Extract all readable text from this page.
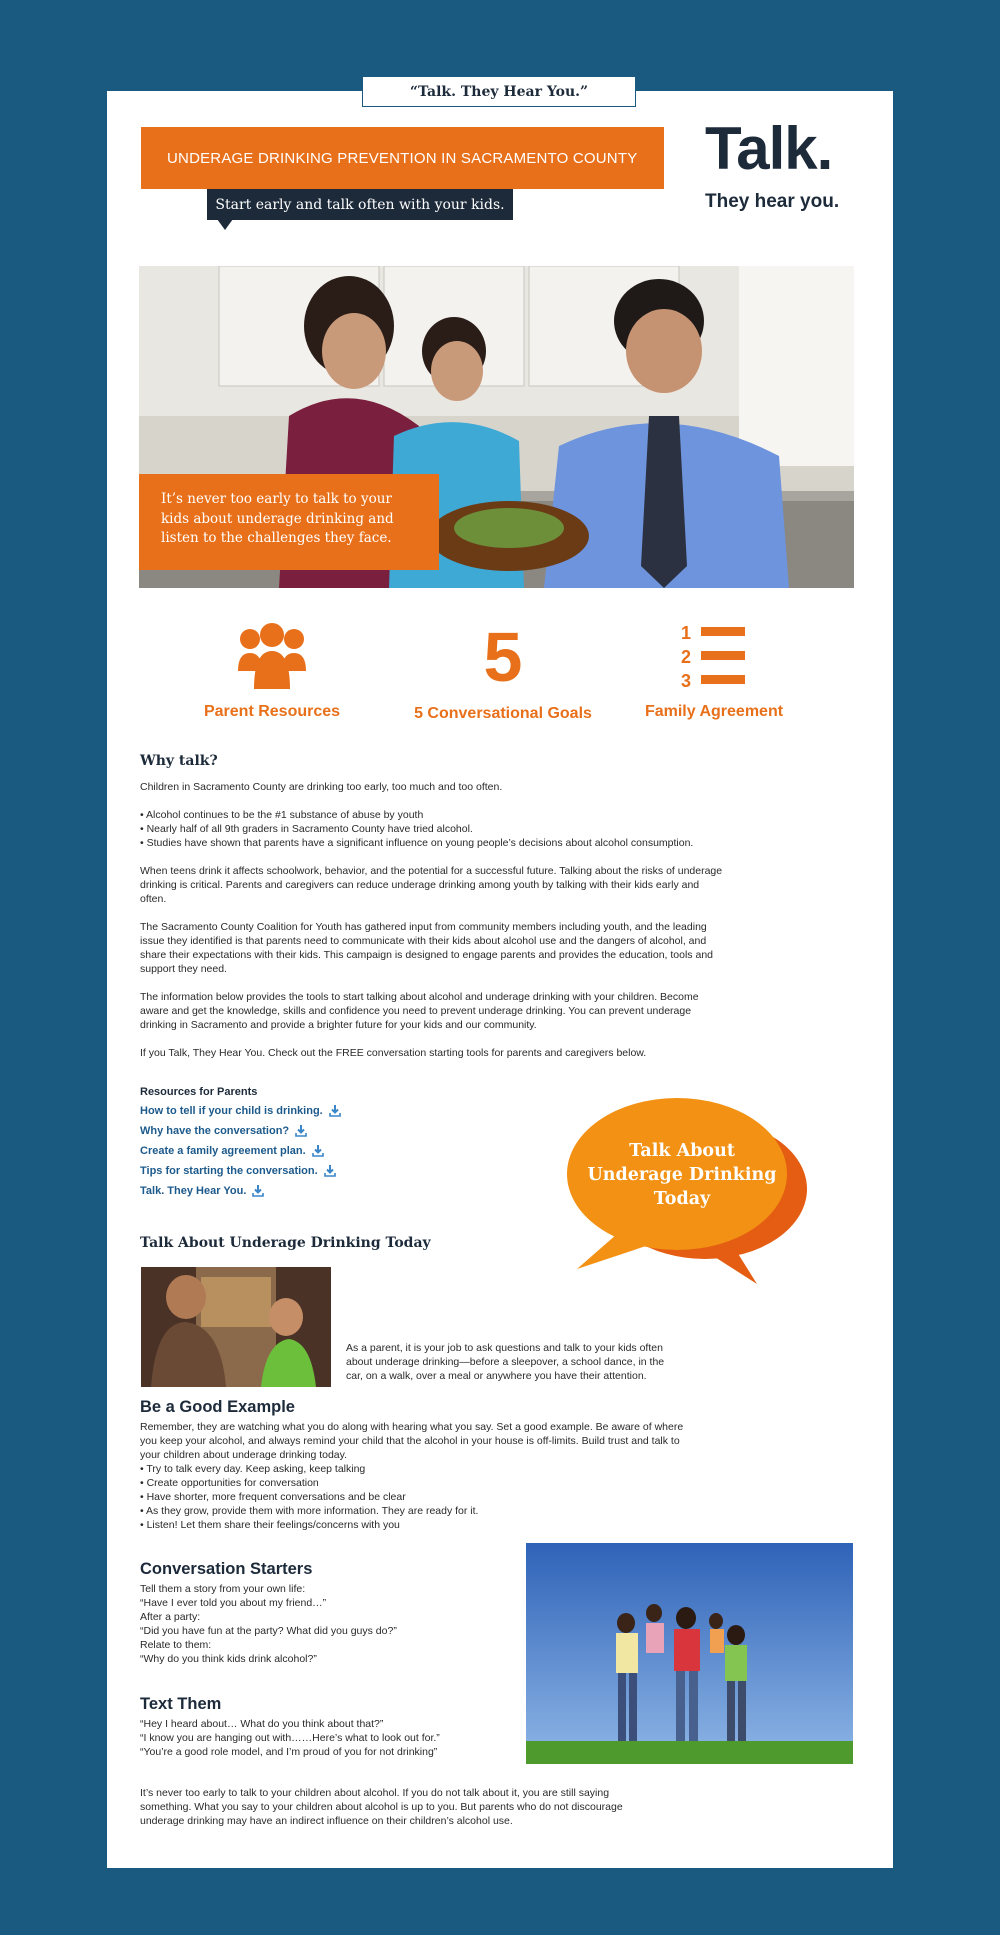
UNDERAGE DRINKING PREVENTION IN SACRAMENTO COUNTY
Start early and talk often with your kids.
Talk.
They hear you.
It’s never too early to talk to your kids about underage drinking and listen to the challenges they face.
Parent Resources
5
5 Conversational Goals
1
2
3
Family Agreement
Why talk?

Children in Sacramento County are drinking too early, too much and too often.

• Alcohol continues to be the #1 substance of abuse by youth
• Nearly half of all 9th graders in Sacramento County have tried alcohol.
• Studies have shown that parents have a significant influence on young people’s decisions about alcohol consumption.

When teens drink it affects schoolwork, behavior, and the potential for a successful future. Talking about the risks of underage drinking is critical. Parents and caregivers can reduce underage drinking among youth by talking with their kids early and often.

The Sacramento County Coalition for Youth has gathered input from community members including youth, and the leading issue they identified is that parents need to communicate with their kids about alcohol use and the dangers of alcohol, and share their expectations with their kids. This campaign is designed to engage parents and provides the education, tools and support they need.

The information below provides the tools to start talking about alcohol and underage drinking with your children. Become aware and get the knowledge, skills and confidence you need to prevent underage drinking. You can prevent underage drinking in Sacramento and provide a brighter future for your kids and our community.

If you Talk, They Hear You. Check out the FREE conversation starting tools for parents and caregivers below.

Resources for Parents
How to tell if your child is drinking.
Why have the conversation?
Create a family agreement plan.
Tips for starting the conversation.
Talk. They Hear You.
Talk About
Underage Drinking
Today
Talk About Underage Drinking Today
As a parent, it is your job to ask questions and talk to your kids often about underage drinking—before a sleepover, a school dance, in the car, on a walk, over a meal or anywhere you have their attention.
Be a Good Example
Remember, they are watching what you do along with hearing what you say. Set a good example. Be aware of where you keep your alcohol, and always remind your child that the alcohol in your house is off-limits. Build trust and talk to your children about underage drinking today.
• Try to talk every day. Keep asking, keep talking
• Create opportunities for conversation
• Have shorter, more frequent conversations and be clear
• As they grow, provide them with more information. They are ready for it.
• Listen! Let them share their feelings/concerns with you
Conversation Starters
Tell them a story from your own life:
“Have I ever told you about my friend…”
After a party:
“Did you have fun at the party? What did you guys do?”
Relate to them:
“Why do you think kids drink alcohol?”
Text Them
“Hey I heard about… What do you think about that?”
“I know you are hanging out with……Here’s what to look out for.”
“You’re a good role model, and I’m proud of you for not drinking”
It’s never too early to talk to your children about alcohol. If you do not talk about it, you are still saying something. What you say to your children about alcohol is up to you. But parents who do not discourage underage drinking may have an indirect influence on their children’s alcohol use.
“Talk. They Hear You.”
